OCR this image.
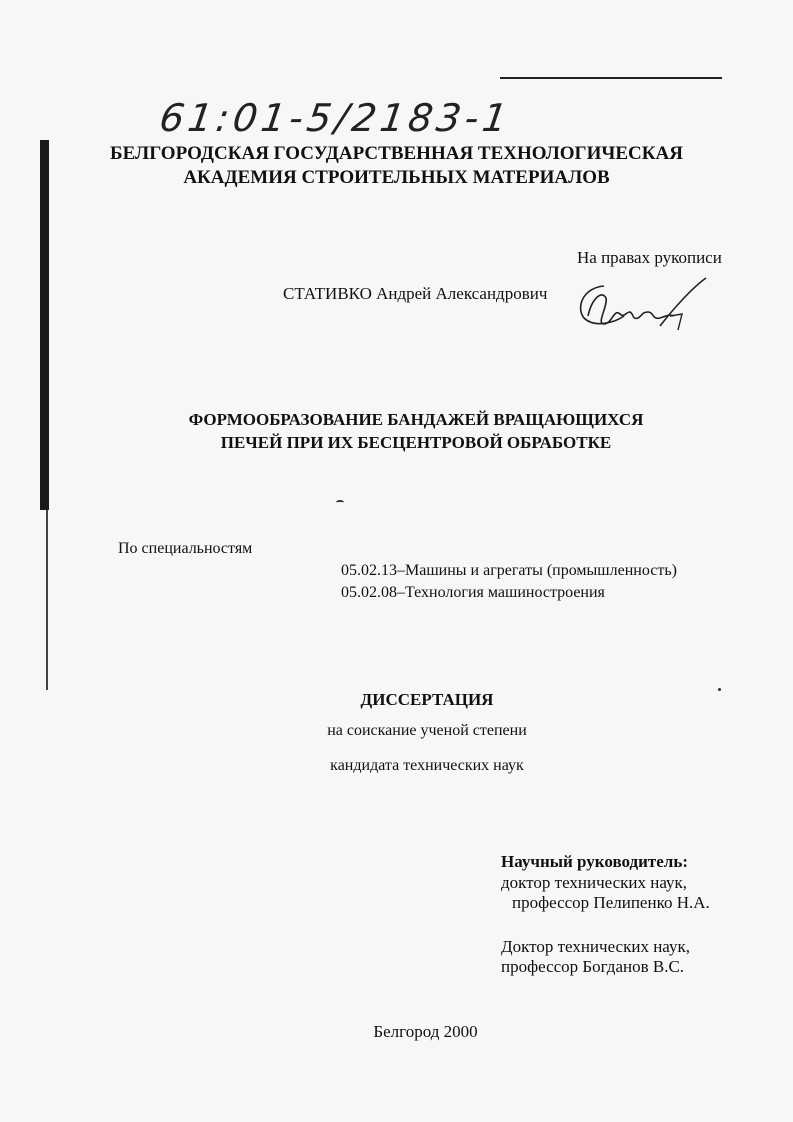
61:01-5/2183-1
БЕЛГОРОДСКАЯ ГОСУДАРСТВЕННАЯ ТЕХНОЛОГИЧЕСКАЯ
АКАДЕМИЯ СТРОИТЕЛЬНЫХ МАТЕРИАЛОВ
На правах рукописи
СТАТИВКО Андрей Александрович
ФОРМООБРАЗОВАНИЕ БАНДАЖЕЙ ВРАЩАЮЩИХСЯ
ПЕЧЕЙ ПРИ ИХ БЕСЦЕНТРОВОЙ ОБРАБОТКЕ
По специальностям
05.02.13–Машины и агрегаты (промышленность)
05.02.08–Технология машиностроения
ДИССЕРТАЦИЯ
на соискание ученой степени
кандидата технических наук
Научный руководитель:
доктор технических наук,
профессор Пелипенко Н.А.
Доктор технических наук,
профессор Богданов В.С.
Белгород 2000
